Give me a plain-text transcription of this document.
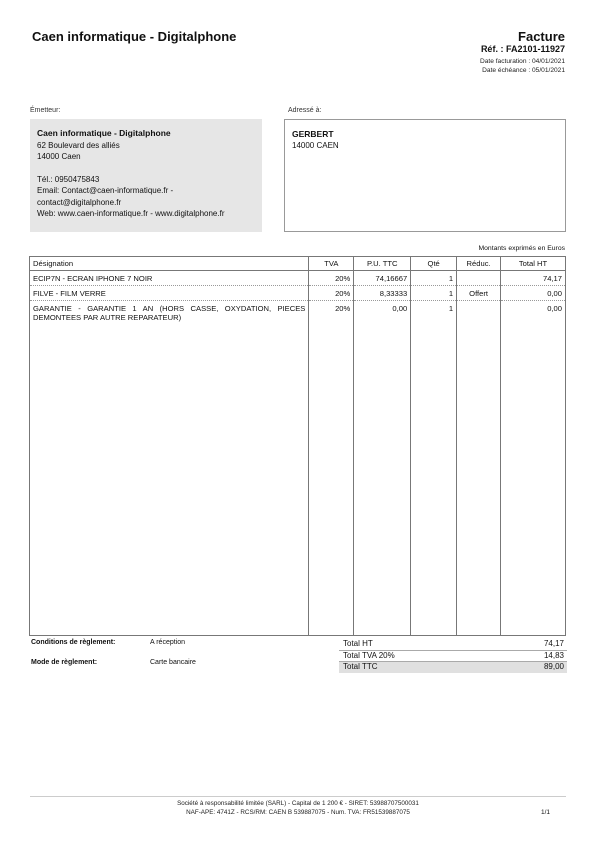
Caen informatique - Digitalphone	Facture
Réf. : FA2101-11927
Date facturation : 04/01/2021
Date échéance : 05/01/2021
Émetteur:	Adressé à:
Caen informatique - Digitalphone
62 Boulevard des alliés
14000 Caen
Tél.: 0950475843
Email: Contact@caen-informatique.fr -
contact@digitalphone.fr
Web: www.caen-informatique.fr - www.digitalphone.fr
GERBERT
14000 CAEN
Montants exprimés en Euros
Désignation	TVA	P.U. TTC	Qté	Réduc.	Total HT
ECIP7N - ECRAN IPHONE 7 NOIR	20%	74,16667	1		74,17
FILVE - FILM VERRE	20%	8,33333	1	Offert	0,00
GARANTIE - GARANTIE 1 AN (HORS CASSE, OXYDATION, PIECES DEMONTEES PAR AUTRE REPARATEUR)	20%	0,00	1		0,00

Conditions de règlement:	A réception
Mode de règlement:	Carte bancaire
Total HT	74,17
Total TVA 20%	14,83
Total TTC	89,00
Société à responsabilité limitée (SARL) - Capital de 1 200 € - SIRET: 53988707500031
NAF-APE: 4741Z - RCS/RM: CAEN B 539887075 - Num. TVA: FR51539887075	1/1
